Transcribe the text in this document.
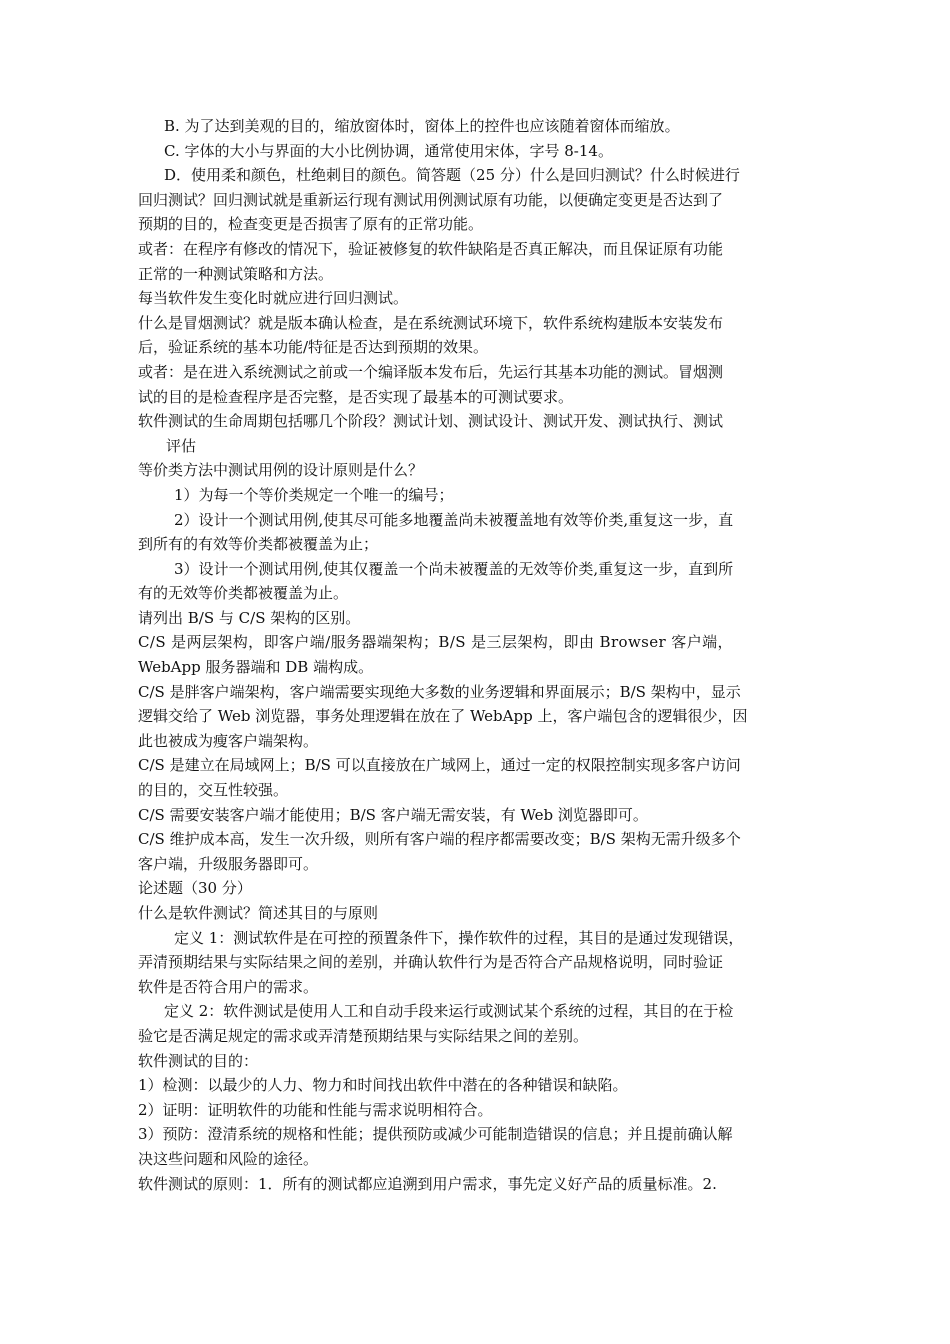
B. 为了达到美观的目的，缩放窗体时，窗体上的控件也应该随着窗体而缩放。

C. 字体的大小与界面的大小比例协调，通常使用宋体，字号 8-14。

D．使用柔和颜色，杜绝刺目的颜色。简答题（25 分）什么是回归测试？什么时候进行

回归测试？回归测试就是重新运行现有测试用例测试原有功能，以便确定变更是否达到了

预期的目的，检查变更是否损害了原有的正常功能。

或者：在程序有修改的情况下，验证被修复的软件缺陷是否真正解决，而且保证原有功能

正常的一种测试策略和方法。

每当软件发生变化时就应进行回归测试。

什么是冒烟测试？就是版本确认检查，是在系统测试环境下，软件系统构建版本安装发布

后，验证系统的基本功能/特征是否达到预期的效果。

或者：是在进入系统测试之前或一个编译版本发布后，先运行其基本功能的测试。冒烟测

试的目的是检查程序是否完整，是否实现了最基本的可测试要求。

软件测试的生命周期包括哪几个阶段？测试计划、测试设计、测试开发、测试执行、测试

评估

等价类方法中测试用例的设计原则是什么？

1）为每一个等价类规定一个唯一的编号；

2）设计一个测试用例,使其尽可能多地覆盖尚未被覆盖地有效等价类,重复这一步，直

到所有的有效等价类都被覆盖为止；

3）设计一个测试用例,使其仅覆盖一个尚未被覆盖的无效等价类,重复这一步，直到所

有的无效等价类都被覆盖为止。

请列出 B/S 与 C/S 架构的区别。

C/S 是两层架构，即客户端/服务器端架构；B/S 是三层架构，即由 Browser 客户端，

WebApp 服务器端和 DB 端构成。

C/S 是胖客户端架构，客户端需要实现绝大多数的业务逻辑和界面展示；B/S 架构中，显示

逻辑交给了 Web 浏览器，事务处理逻辑在放在了 WebApp 上，客户端包含的逻辑很少，因

此也被成为瘦客户端架构。

C/S 是建立在局域网上；B/S 可以直接放在广域网上，通过一定的权限控制实现多客户访问

的目的，交互性较强。

C/S 需要安装客户端才能使用；B/S 客户端无需安装，有 Web 浏览器即可。

C/S 维护成本高，发生一次升级，则所有客户端的程序都需要改变；B/S 架构无需升级多个

客户端，升级服务器即可。

论述题（30 分）

什么是软件测试？简述其目的与原则

定义 1：测试软件是在可控的预置条件下，操作软件的过程，其目的是通过发现错误，

弄清预期结果与实际结果之间的差别，并确认软件行为是否符合产品规格说明，同时验证

软件是否符合用户的需求。

定义 2：软件测试是使用人工和自动手段来运行或测试某个系统的过程，其目的在于检

验它是否满足规定的需求或弄清楚预期结果与实际结果之间的差别。

软件测试的目的：

1）检测：以最少的人力、物力和时间找出软件中潜在的各种错误和缺陷。

2）证明：证明软件的功能和性能与需求说明相符合。

3）预防：澄清系统的规格和性能；提供预防或减少可能制造错误的信息；并且提前确认解

决这些问题和风险的途径。

软件测试的原则：1．所有的测试都应追溯到用户需求，事先定义好产品的质量标准。2.
